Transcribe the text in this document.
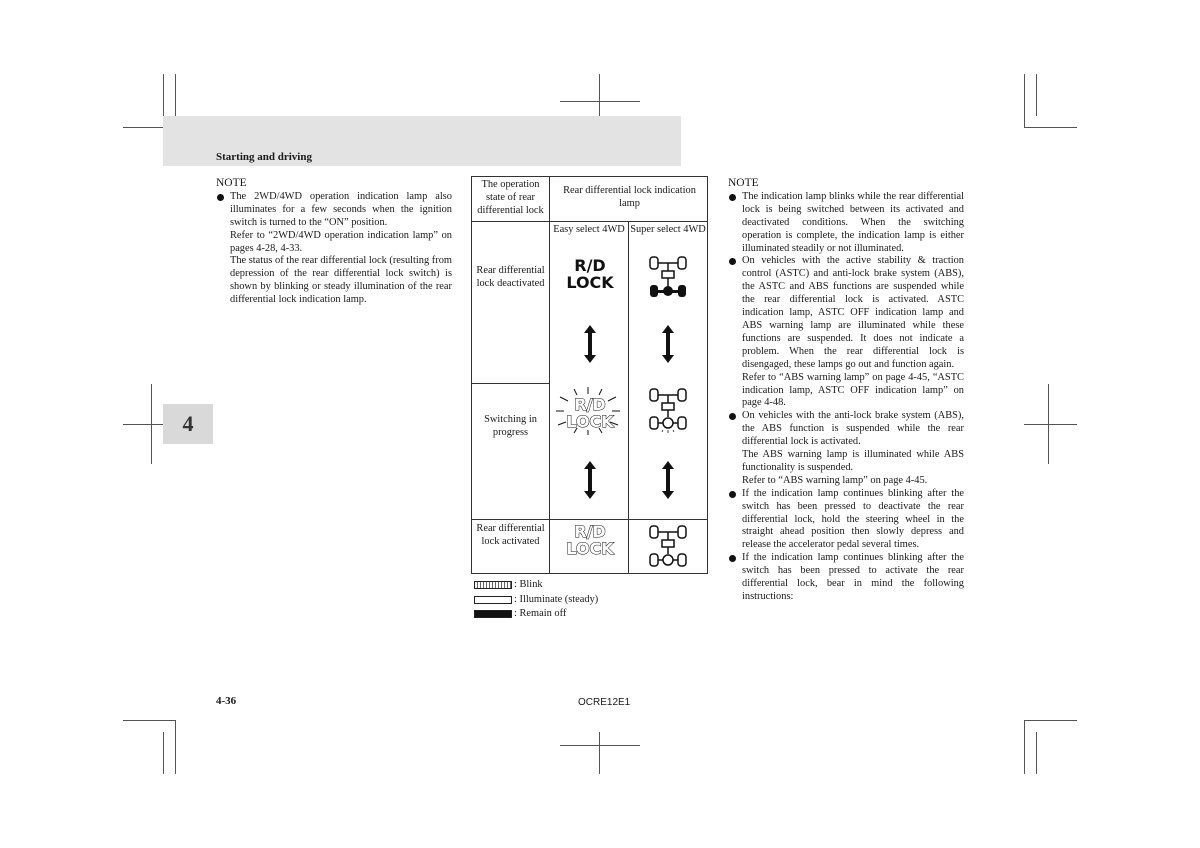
Starting and driving
4
NOTE
The 2WD/4WD operation indication lamp also illuminates for a few seconds when the ignition switch is turned to the “ON” position.
Refer to “2WD/4WD operation indication lamp” on pages 4-28, 4-33.
The status of the rear differential lock (resulting from depression of the rear differential lock switch) is shown by blinking or steady illumination of the rear differential lock indication lamp.
The operation state of rear differential lock
Rear differential lock indication lamp
Easy select 4WD Super select 4WD
Rear differential lock deactivated
Switching in progress
Rear differential lock activated
R/D
LOCK
R/D
LOCK
R/D
LOCK
: Blink
: Illuminate (steady)
: Remain off
NOTE
The indication lamp blinks while the rear differential lock is being switched between its activated and deactivated conditions. When the switching operation is complete, the indication lamp is either illuminated steadily or not illuminated.
On vehicles with the active stability & traction control (ASTC) and anti-lock brake system (ABS), the ASTC and ABS functions are suspended while the rear differential lock is activated. ASTC indication lamp, ASTC OFF indication lamp and ABS warning lamp are illuminated while these functions are suspended. It does not indicate a problem. When the rear differential lock is disengaged, these lamps go out and function again.
Refer to “ABS warning lamp” on page 4-45, “ASTC indication lamp, ASTC OFF indication lamp” on page 4-48.
On vehicles with the anti-lock brake system (ABS), the ABS function is suspended while the rear differential lock is activated.
The ABS warning lamp is illuminated while ABS functionality is suspended.
Refer to “ABS warning lamp” on page 4-45.
If the indication lamp continues blinking after the switch has been pressed to deactivate the rear differential lock, hold the steering wheel in the straight ahead position then slowly depress and release the accelerator pedal several times.
If the indication lamp continues blinking after the switch has been pressed to activate the rear differential lock, bear in mind the following instructions:
4-36	OCRE12E1
